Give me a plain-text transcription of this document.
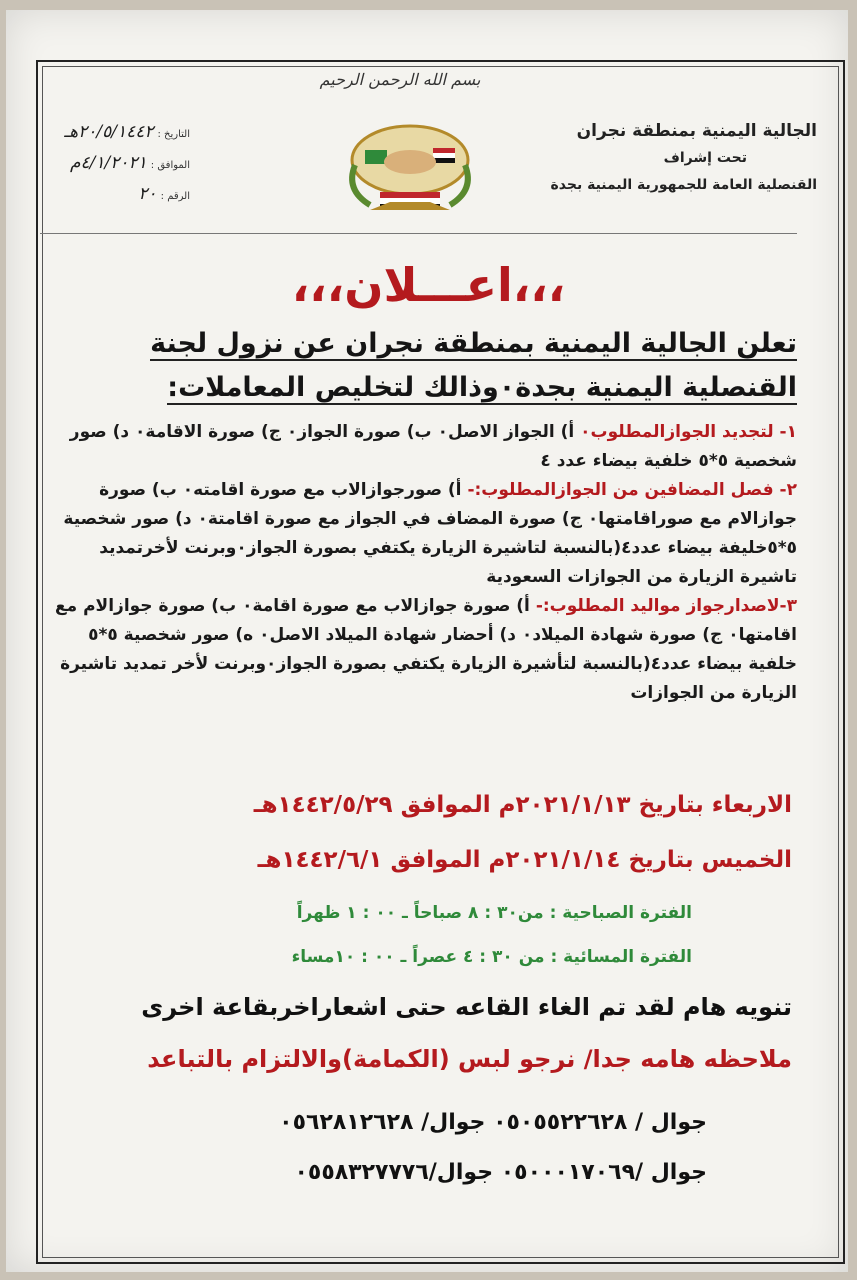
بسم الله الرحمن الرحيم
الجالية اليمنية بمنطقة نجران
تحت إشراف
القنصلية العامة للجمهورية اليمنية بجدة
التاريخ :٢٠/٥/١٤٤٢هـ
الموافق :٤/١/٢٠٢١م
الرقم :٢٠
،،،اعـــلان،،،
تعلن الجالية اليمنية بمنطقة نجران عن نزول لجنة
القنصلية اليمنية بجدة٠وذالك لتخليص المعاملات:

١- لتجديد الجوازالمطلوب٠ أ) الجواز الاصل٠ ب) صورة الجواز٠ ج) صورة الاقامة٠ د) صور شخصية ٥*٥ خلفية بيضاء عدد ٤

٢- فصل المضافين من الجوازالمطلوب:- أ) صورجوازالاب مع صورة اقامته٠ ب) صورة جوازالام مع صوراقامتها٠ ج) صورة المضاف في الجواز مع صورة اقامتة٠ د) صور شخصية ٥*٥خليفة بيضاء عدد٤(بالنسبة لتاشيرة الزيارة يكتفي بصورة الجواز٠وبرنت لأخرتمديد تاشيرة الزيارة من الجوازات السعودية

٣-لاصدارجواز مواليد المطلوب:- أ) صورة جوازالاب مع صورة اقامة٠ ب) صورة جوازالام مع اقامتها٠ ج) صورة شهادة الميلاد٠ د) أحضار شهادة الميلاد الاصل٠ ه) صور شخصية ٥*٥ خلفية بيضاء عدد٤(بالنسبة لتأشيرة الزيارة يكتفي بصورة الجواز٠وبرنت لأخر تمديد تاشيرة الزيارة من الجوازات

الاربعاء بتاريخ ٢٠٢١/١/١٣م الموافق ١٤٤٢/٥/٢٩هـ
الخميس بتاريخ ٢٠٢١/١/١٤م الموافق ١٤٤٢/٦/١هـ
الفترة الصباحية : من٣٠ : ٨ صباحاً ـ ٠٠ : ١ ظهراً
الفترة المسائية : من ٣٠ : ٤ عصراً ـ ٠٠ : ١٠مساء
تنويه هام لقد تم الغاء القاعه حتى اشعاراخربقاعة اخرى
ملاحظه هامه جدا/ نرجو لبس (الكمامة)والالتزام بالتباعد
جوال / ٠٥٠٥٥٢٢٦٢٨ جوال/ ٠٥٦٢٨١٢٦٢٨
جوال /٠٥٠٠٠١٧٠٦٩ جوال/٠٥٥٨٣٢٧٧٧٦
